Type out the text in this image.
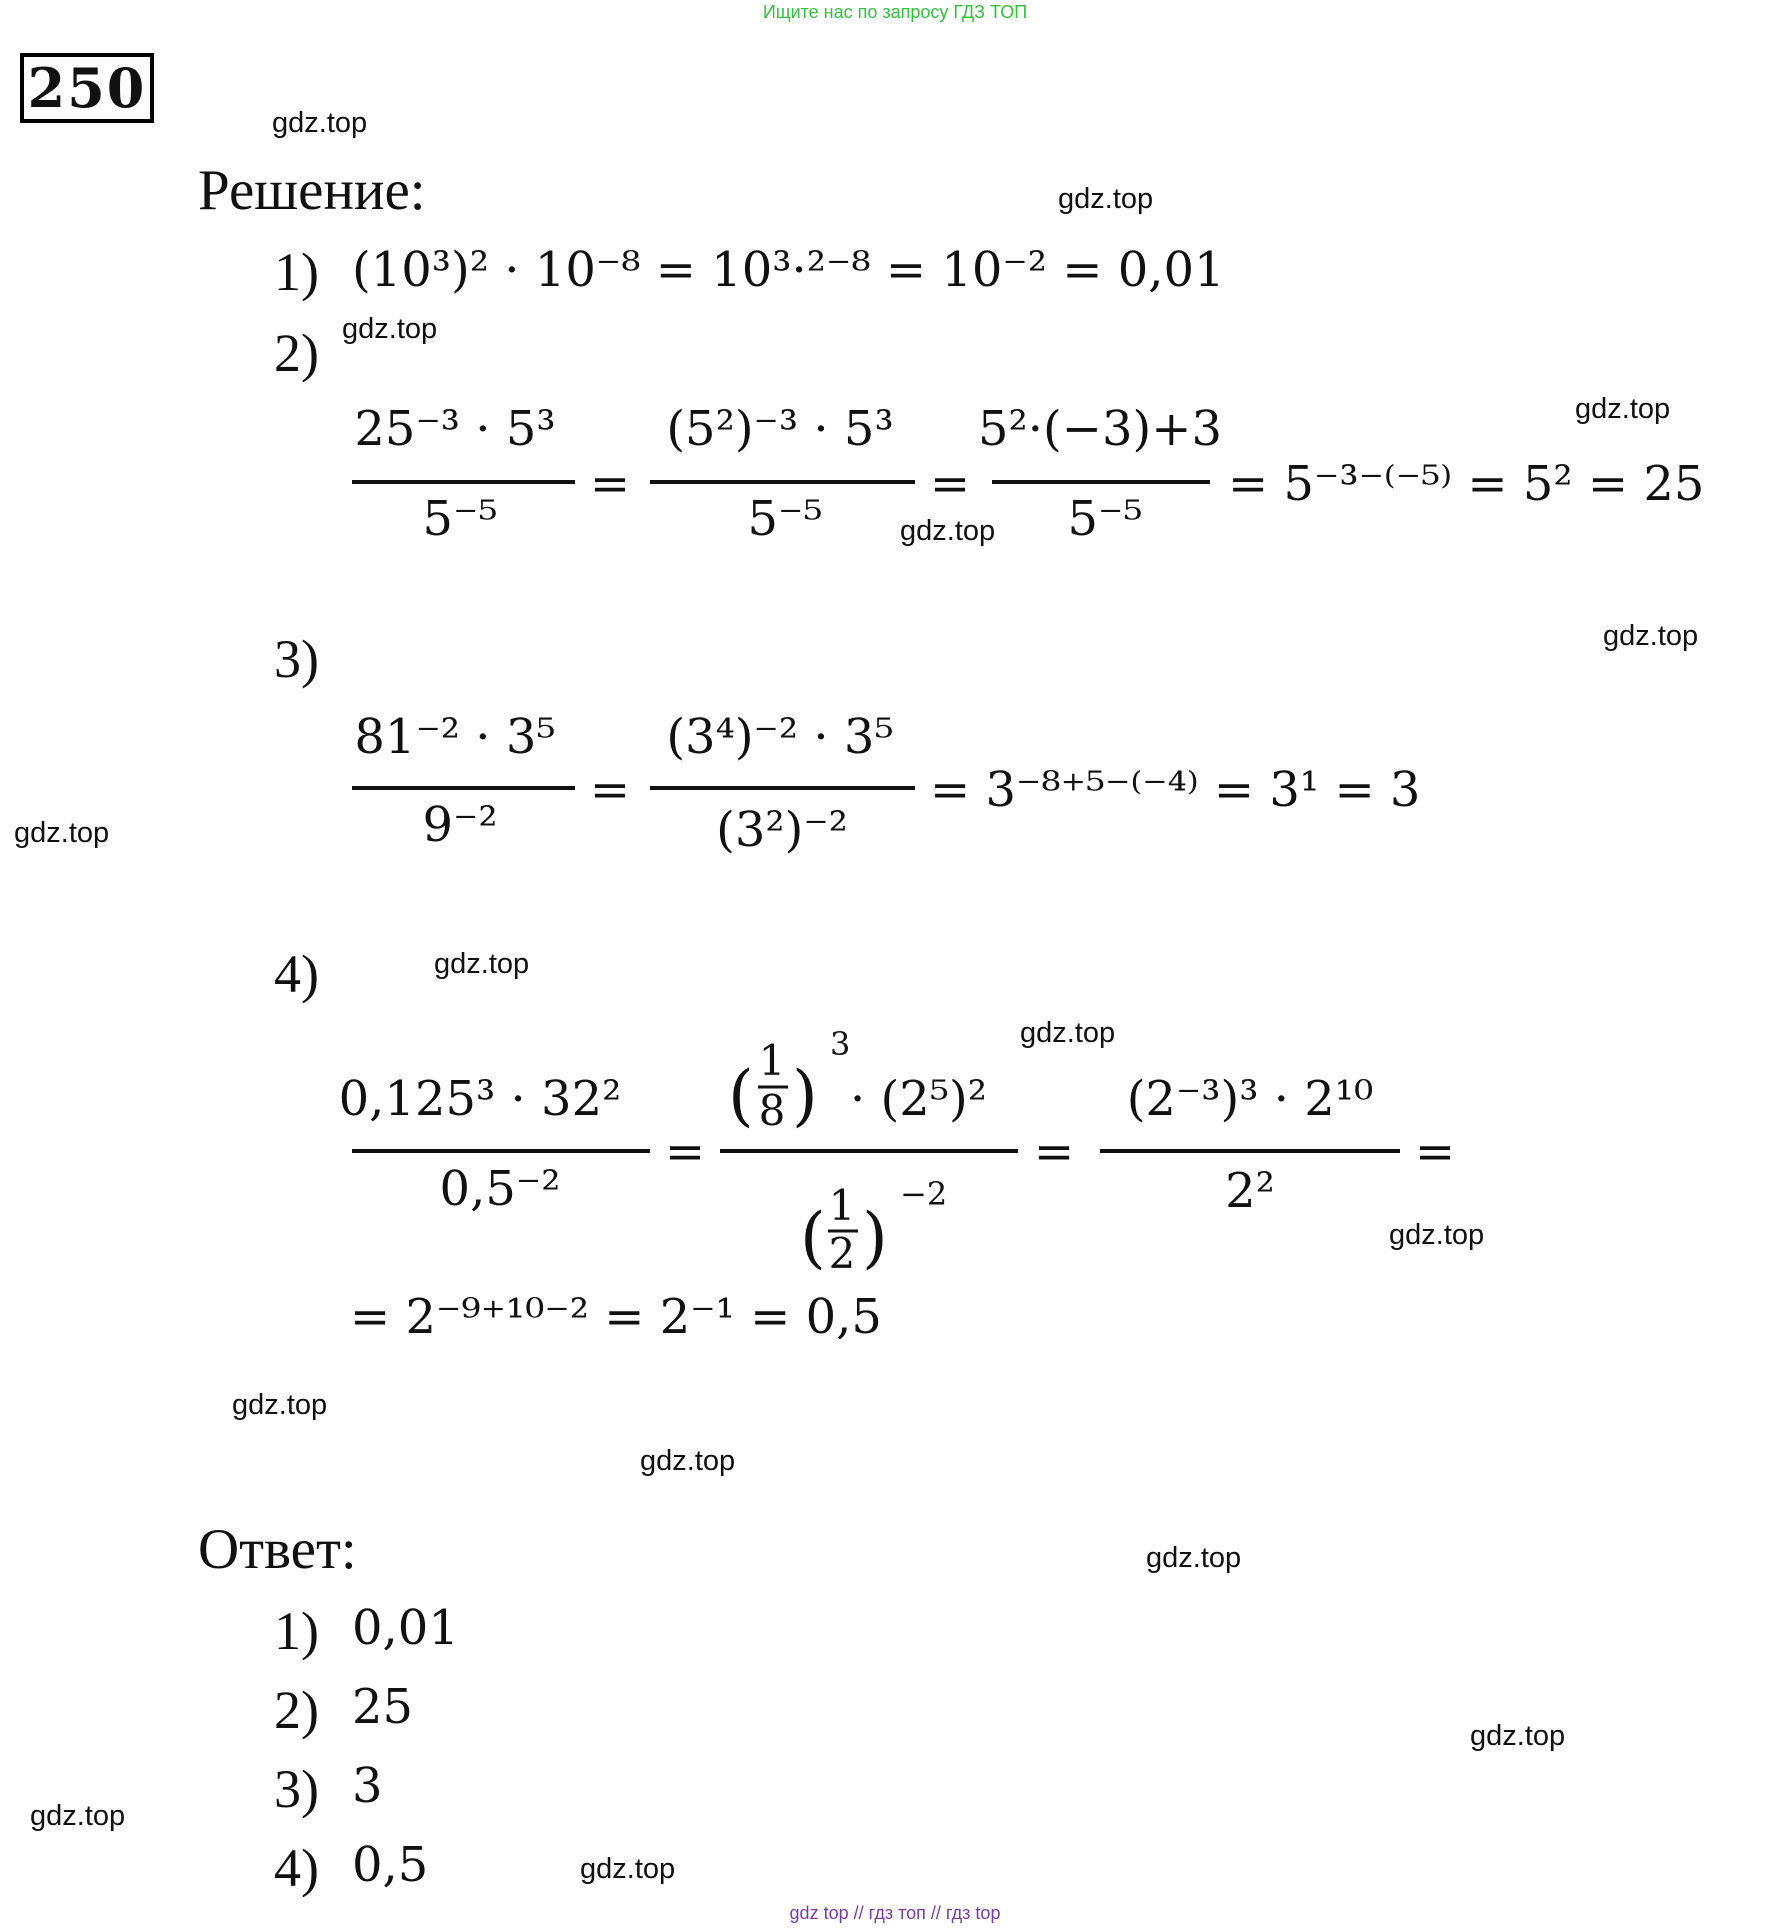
Ищите нас по запросу ГДЗ ТОП
gdz top // гдз топ // гдз top
250
gdz.top
gdz.top
gdz.top
gdz.top
gdz.top
gdz.top
gdz.top
gdz.top
gdz.top
gdz.top
gdz.top
gdz.top
gdz.top
gdz.top
gdz.top
gdz.top
Решение:
1) (10³)² · 10⁻⁸ = 10³·²⁻⁸ = 10⁻² = 0,01
2)
25⁻³ · 5³
5⁻⁵
=
(5²)⁻³ · 5³
5⁻⁵
=
5²·(−3)+3
5⁻⁵
= 5⁻³⁻⁽⁻⁵⁾ = 5² = 25
3)
81⁻² · 3⁵
9⁻²
=
(3⁴)⁻² · 3⁵
(3²)⁻²
= 3⁻⁸⁺⁵⁻⁽⁻⁴⁾ = 3¹ = 3
4)
0,125³ · 32²
0,5⁻²
=
( 1
8 )
3
· (2⁵)²
( 1
2 )
−2
=
(2⁻³)³ · 2¹⁰
2²
=
= 2⁻⁹⁺¹⁰⁻² = 2⁻¹ = 0,5
Ответ:
1) 0,01
2) 25
3) 3
4) 0,5
